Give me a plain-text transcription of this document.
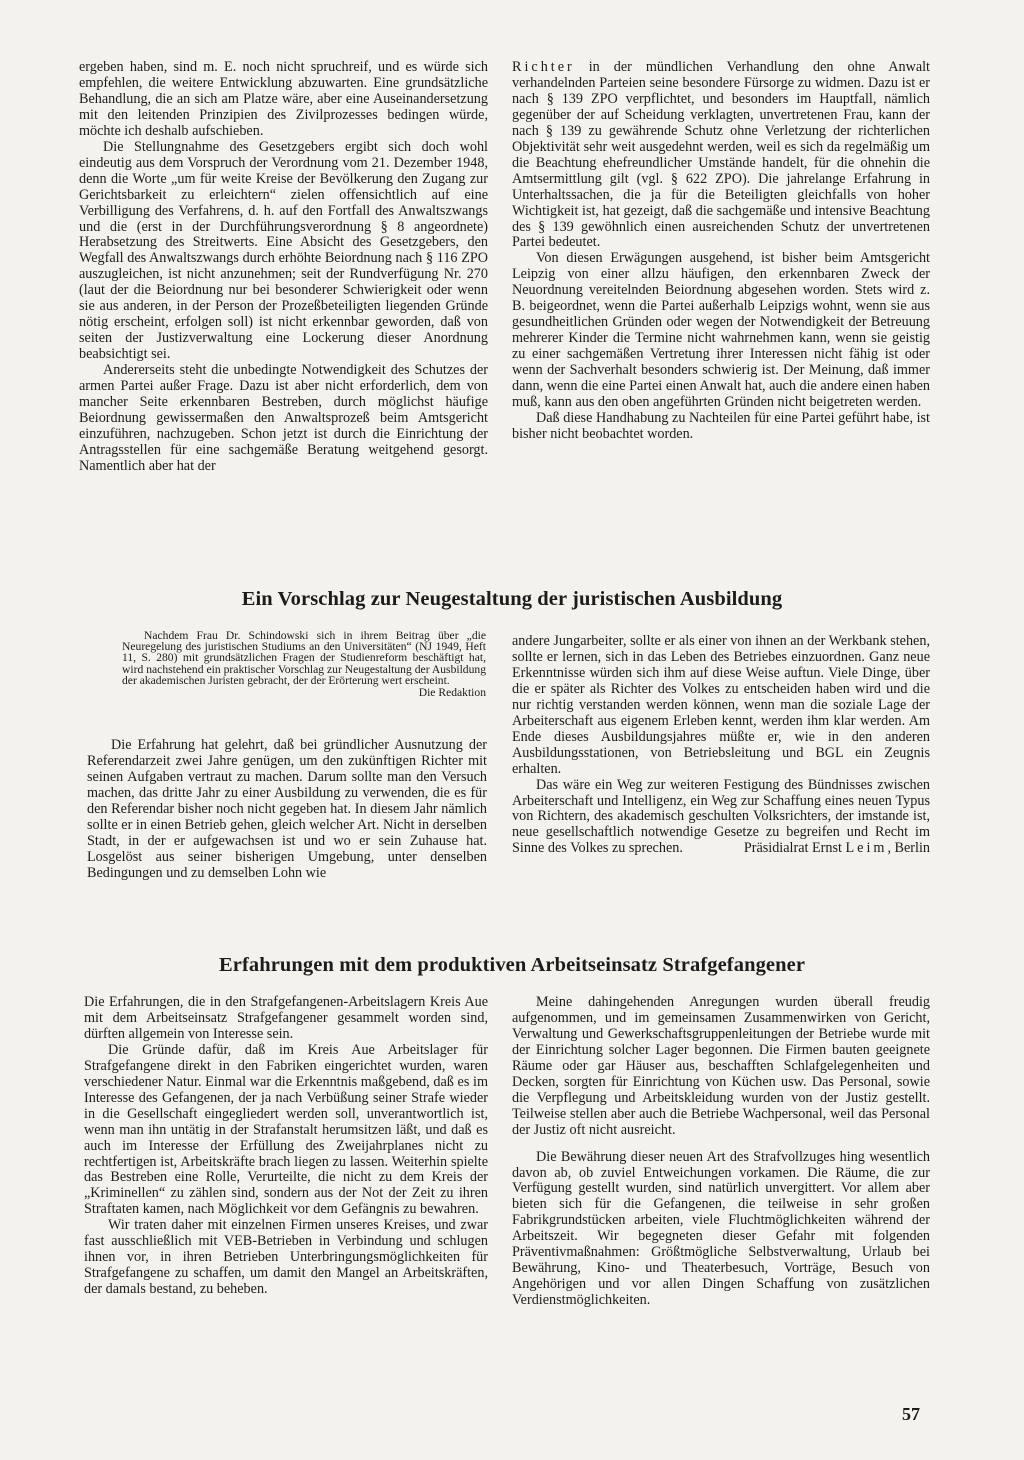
ergeben haben, sind m. E. noch nicht spruchreif, und es würde sich empfehlen, die weitere Entwicklung abzuwarten. Eine grundsätzliche Behandlung, die an sich am Platze wäre, aber eine Auseinandersetzung mit den leitenden Prinzipien des Zivilprozesses bedingen würde, möchte ich deshalb aufschieben.

Die Stellungnahme des Gesetzgebers ergibt sich doch wohl eindeutig aus dem Vorspruch der Verordnung vom 21. Dezember 1948, denn die Worte „um für weite Kreise der Bevölkerung den Zugang zur Gerichtsbarkeit zu erleichtern“ zielen offensichtlich auf eine Verbilligung des Verfahrens, d. h. auf den Fortfall des Anwaltszwangs und die (erst in der Durchführungsverordnung § 8 angeordnete) Herabsetzung des Streitwerts. Eine Absicht des Gesetzgebers, den Wegfall des Anwaltszwangs durch erhöhte Beiordnung nach § 116 ZPO auszugleichen, ist nicht anzunehmen; seit der Rundverfügung Nr. 270 (laut der die Beiordnung nur bei besonderer Schwierigkeit oder wenn sie aus anderen, in der Person der Prozeßbeteiligten liegenden Gründe nötig erscheint, erfolgen soll) ist nicht erkennbar geworden, daß von seiten der Justizverwaltung eine Lockerung dieser Anordnung beabsichtigt sei.

Andererseits steht die unbedingte Notwendigkeit des Schutzes der armen Partei außer Frage. Dazu ist aber nicht erforderlich, dem von mancher Seite erkennbaren Bestreben, durch möglichst häufige Beiordnung gewissermaßen den Anwaltsprozeß beim Amtsgericht einzuführen, nachzugeben. Schon jetzt ist durch die Einrichtung der Antragsstellen für eine sachgemäße Beratung weitgehend gesorgt. Namentlich aber hat der

Richter in der mündlichen Verhandlung den ohne Anwalt verhandelnden Parteien seine besondere Fürsorge zu widmen. Dazu ist er nach § 139 ZPO verpflichtet, und besonders im Hauptfall, nämlich gegenüber der auf Scheidung verklagten, unvertretenen Frau, kann der nach § 139 zu gewährende Schutz ohne Verletzung der richterlichen Objektivität sehr weit ausgedehnt werden, weil es sich da regelmäßig um die Beachtung ehefreundlicher Umstände handelt, für die ohnehin die Amtsermittlung gilt (vgl. § 622 ZPO). Die jahrelange Erfahrung in Unterhaltssachen, die ja für die Beteiligten gleichfalls von hoher Wichtigkeit ist, hat gezeigt, daß die sachgemäße und intensive Beachtung des § 139 gewöhnlich einen ausreichenden Schutz der unvertretenen Partei bedeutet.

Von diesen Erwägungen ausgehend, ist bisher beim Amtsgericht Leipzig von einer allzu häufigen, den erkennbaren Zweck der Neuordnung vereitelnden Beiordnung abgesehen worden. Stets wird z. B. beigeordnet, wenn die Partei außerhalb Leipzigs wohnt, wenn sie aus gesundheitlichen Gründen oder wegen der Notwendigkeit der Betreuung mehrerer Kinder die Termine nicht wahrnehmen kann, wenn sie geistig zu einer sachgemäßen Vertretung ihrer Interessen nicht fähig ist oder wenn der Sachverhalt besonders schwierig ist. Der Meinung, daß immer dann, wenn die eine Partei einen Anwalt hat, auch die andere einen haben muß, kann aus den oben angeführten Gründen nicht beigetreten werden.

Daß diese Handhabung zu Nachteilen für eine Partei geführt habe, ist bisher nicht beobachtet worden.

Ein Vorschlag zur Neugestaltung der juristischen Ausbildung

Nachdem Frau Dr. Schindowski sich in ihrem Beitrag über „die Neuregelung des juristischen Studiums an den Universitäten“ (NJ 1949, Heft 11, S. 280) mit grundsätzlichen Fragen der Studienreform beschäftigt hat, wird nachstehend ein praktischer Vorschlag zur Neugestaltung der Ausbildung der akademischen Juristen gebracht, der der Erörterung wert erscheint.

Die Redaktion

Die Erfahrung hat gelehrt, daß bei gründlicher Ausnutzung der Referendarzeit zwei Jahre genügen, um den zukünftigen Richter mit seinen Aufgaben vertraut zu machen. Darum sollte man den Versuch machen, das dritte Jahr zu einer Ausbildung zu verwenden, die es für den Referendar bisher noch nicht gegeben hat. In diesem Jahr nämlich sollte er in einen Betrieb gehen, gleich welcher Art. Nicht in derselben Stadt, in der er aufgewachsen ist und wo er sein Zuhause hat. Losgelöst aus seiner bisherigen Umgebung, unter denselben Bedingungen und zu demselben Lohn wie

andere Jungarbeiter, sollte er als einer von ihnen an der Werkbank stehen, sollte er lernen, sich in das Leben des Betriebes einzuordnen. Ganz neue Erkenntnisse würden sich ihm auf diese Weise auftun. Viele Dinge, über die er später als Richter des Volkes zu entscheiden haben wird und die nur richtig verstanden werden können, wenn man die soziale Lage der Arbeiterschaft aus eigenem Erleben kennt, werden ihm klar werden. Am Ende dieses Ausbildungsjahres müßte er, wie in den anderen Ausbildungsstationen, von Betriebsleitung und BGL ein Zeugnis erhalten.

Das wäre ein Weg zur weiteren Festigung des Bündnisses zwischen Arbeiterschaft und Intelligenz, ein Weg zur Schaffung eines neuen Typus von Richtern, des akademisch geschulten Volksrichters, der imstande ist, neue gesellschaftlich notwendige Gesetze zu begreifen und Recht im Sinne des Volkes zu sprechen.	Präsidialrat Ernst Leim, Berlin

Erfahrungen mit dem produktiven Arbeitseinsatz Strafgefangener

Die Erfahrungen, die in den Strafgefangenen-Arbeitslagern Kreis Aue mit dem Arbeitseinsatz Strafgefangener gesammelt worden sind, dürften allgemein von Interesse sein.

Die Gründe dafür, daß im Kreis Aue Arbeitslager für Strafgefangene direkt in den Fabriken eingerichtet wurden, waren verschiedener Natur. Einmal war die Erkenntnis maßgebend, daß es im Interesse des Gefangenen, der ja nach Verbüßung seiner Strafe wieder in die Gesellschaft eingegliedert werden soll, unverantwortlich ist, wenn man ihn untätig in der Strafanstalt herumsitzen läßt, und daß es auch im Interesse der Erfüllung des Zweijahrplanes nicht zu rechtfertigen ist, Arbeitskräfte brach liegen zu lassen. Weiterhin spielte das Bestreben eine Rolle, Verurteilte, die nicht zu dem Kreis der „Kriminellen“ zu zählen sind, sondern aus der Not der Zeit zu ihren Straftaten kamen, nach Möglichkeit vor dem Gefängnis zu bewahren.

Wir traten daher mit einzelnen Firmen unseres Kreises, und zwar fast ausschließlich mit VEB-Betrieben in Verbindung und schlugen ihnen vor, in ihren Betrieben Unterbringungsmöglichkeiten für Strafgefangene zu schaffen, um damit den Mangel an Arbeitskräften, der damals bestand, zu beheben.

Meine dahingehenden Anregungen wurden überall freudig aufgenommen, und im gemeinsamen Zusammenwirken von Gericht, Verwaltung und Gewerkschaftsgruppenleitungen der Betriebe wurde mit der Einrichtung solcher Lager begonnen. Die Firmen bauten geeignete Räume oder gar Häuser aus, beschafften Schlafgelegenheiten und Decken, sorgten für Einrichtung von Küchen usw. Das Personal, sowie die Verpflegung und Arbeitskleidung wurden von der Justiz gestellt. Teilweise stellen aber auch die Betriebe Wachpersonal, weil das Personal der Justiz oft nicht ausreicht.

Die Bewährung dieser neuen Art des Strafvollzuges hing wesentlich davon ab, ob zuviel Entweichungen vorkamen. Die Räume, die zur Verfügung gestellt wurden, sind natürlich unvergittert. Vor allem aber bieten sich für die Gefangenen, die teilweise in sehr großen Fabrikgrundstücken arbeiten, viele Fluchtmöglichkeiten während der Arbeitszeit. Wir begegneten dieser Gefahr mit folgenden Präventivmaßnahmen: Größtmögliche Selbstverwaltung, Urlaub bei Bewährung, Kino- und Theaterbesuch, Vorträge, Besuch von Angehörigen und vor allen Dingen Schaffung von zusätzlichen Verdienstmöglichkeiten.

57
